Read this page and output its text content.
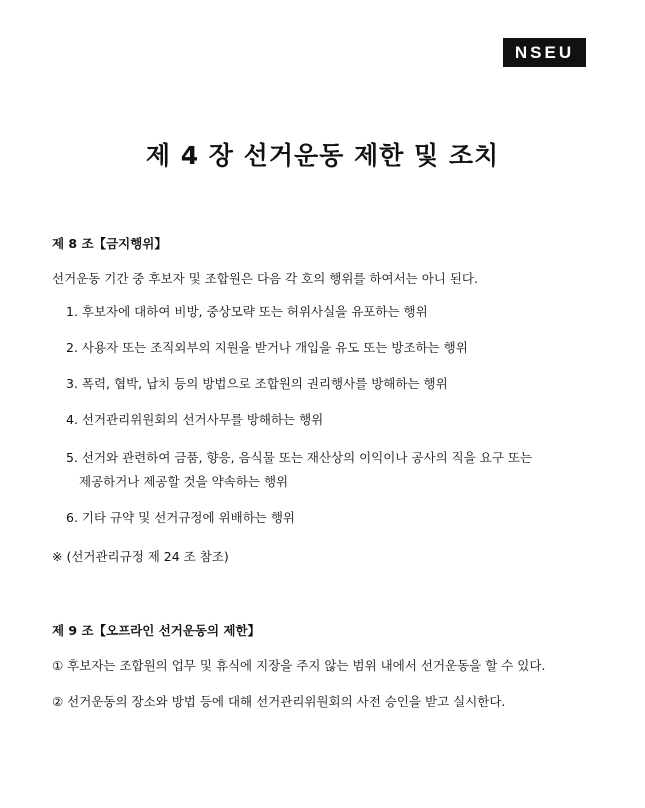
NSEU
제 4 장 선거운동 제한 및 조치
제 8 조【금지행위】
선거운동 기간 중 후보자 및 조합원은 다음 각 호의 행위를 하여서는 아니 된다.
1. 후보자에 대하여 비방, 중상모략 또는 허위사실을 유포하는 행위
2. 사용자 또는 조직외부의 지원을 받거나 개입을 유도 또는 방조하는 행위
3. 폭력, 협박, 납치 등의 방법으로 조합원의 권리행사를 방해하는 행위
4. 선거관리위원회의 선거사무를 방해하는 행위
5. 선거와 관련하여 금품, 향응, 음식물 또는 재산상의 이익이나 공사의 직을 요구 또는
제공하거나 제공할 것을 약속하는 행위
6. 기타 규약 및 선거규정에 위배하는 행위
※ (선거관리규정 제 24 조 참조)
제 9 조【오프라인 선거운동의 제한】
① 후보자는 조합원의 업무 및 휴식에 지장을 주지 않는 범위 내에서 선거운동을 할 수 있다.
② 선거운동의 장소와 방법 등에 대해 선거관리위원회의 사전 승인을 받고 실시한다.
